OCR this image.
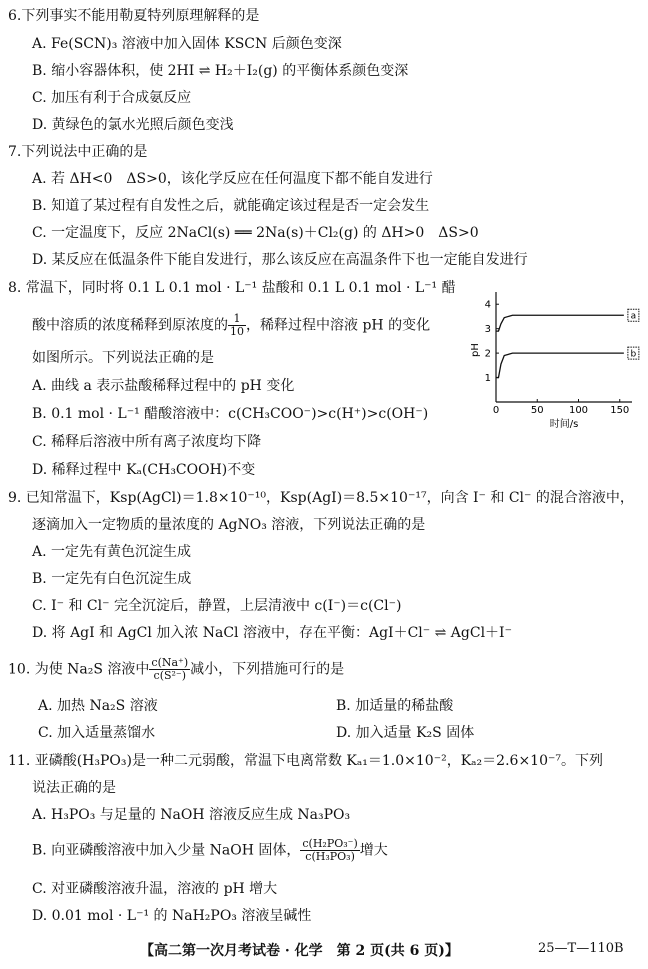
6.下列事实不能用勒夏特列原理解释的是
A. Fe(SCN)₃ 溶液中加入固体 KSCN 后颜色变深
B. 缩小容器体积，使 2HI ⇌ H₂＋I₂(g) 的平衡体系颜色变深
C. 加压有利于合成氨反应
D. 黄绿色的氯水光照后颜色变浅
7.下列说法中正确的是
A. 若 ΔH<0　ΔS>0，该化学反应在任何温度下都不能自发进行
B. 知道了某过程有自发性之后，就能确定该过程是否一定会发生
C. 一定温度下，反应 2NaCl(s) ══ 2Na(s)＋Cl₂(g) 的 ΔH>0　ΔS>0
D. 某反应在低温条件下能自发进行，那么该反应在高温条件下也一定能自发进行
8. 常温下，同时将 0.1 L 0.1 mol · L⁻¹ 盐酸和 0.1 L 0.1 mol · L⁻¹ 醋
酸中溶质的浓度稀释到原浓度的 $\frac{1}{10}$ ，稀释过程中溶液 pH 的变化
如图所示。下列说法正确的是
A. 曲线 a 表示盐酸稀释过程中的 pH 变化
B. 0.1 mol · L⁻¹ 醋酸溶液中：c(CH₃COO⁻)>c(H⁺)>c(OH⁻)
C. 稀释后溶液中所有离子浓度均下降
D. 稀释过程中 Kₐ(CH₃COOH)不变
0	50	100 150
1
2
3
4
a
b
pH
时间/s
9. 已知常温下，Ksp(AgCl)＝1.8×10⁻¹⁰，Ksp(AgI)＝8.5×10⁻¹⁷，向含 I⁻ 和 Cl⁻ 的混合溶液中，
逐滴加入一定物质的量浓度的 AgNO₃ 溶液，下列说法正确的是
A. 一定先有黄色沉淀生成
B. 一定先有白色沉淀生成
C. I⁻ 和 Cl⁻ 完全沉淀后，静置，上层清液中 c(I⁻)＝c(Cl⁻)
D. 将 AgI 和 AgCl 加入浓 NaCl 溶液中，存在平衡：AgI＋Cl⁻ ⇌ AgCl＋I⁻
10. 为使 Na₂S 溶液中 $\frac{c(Na^+)}{\text{c(S²⁻)}}$ 减小，下列措施可行的是
A. 加热 Na₂S 溶液	B. 加适量的稀盐酸
C. 加入适量蒸馏水	D. 加入适量 K₂S 固体
11. 亚磷酸(H₃PO₃)是一种二元弱酸，常温下电离常数 Kₐ₁＝1.0×10⁻²，Kₐ₂＝2.6×10⁻⁷。下列
说法正确的是
A. H₃PO₃ 与足量的 NaOH 溶液反应生成 Na₃PO₃
B. 向亚磷酸溶液中加入少量 NaOH 固体， $\frac{\text{c(H₂PO₃⁻)}}{\text{c(H₃PO₃)}}$ 增大
C. 对亚磷酸溶液升温，溶液的 pH 增大
D. 0.01 mol · L⁻¹ 的 NaH₂PO₃ 溶液呈碱性
【高二第一次月考试卷 · 化学　第 2 页(共 6 页)】	25—T—110B
